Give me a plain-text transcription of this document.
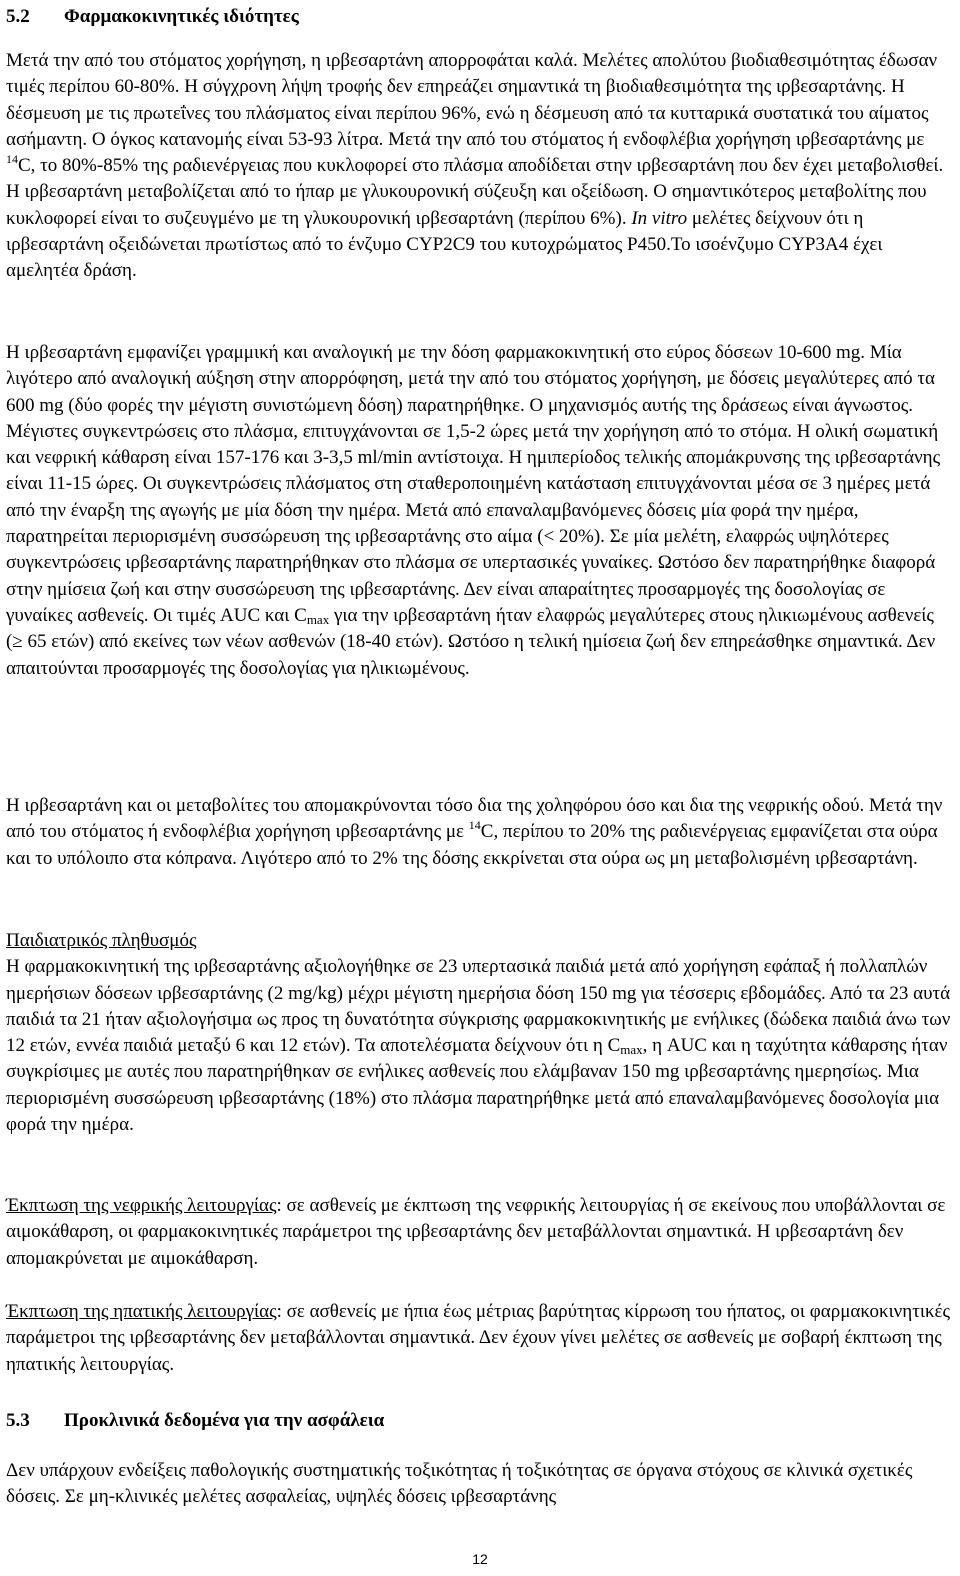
5.2 Φαρμακοκινητικές ιδιότητες

Μετά την από του στόματος χορήγηση, η ιρβεσαρτάνη απορροφάται καλά. Μελέτες απολύτου βιοδιαθεσιμότητας έδωσαν τιμές περίπου 60-80%. Η σύγχρονη λήψη τροφής δεν επηρεάζει σημαντικά τη βιοδιαθεσιμότητα της ιρβεσαρτάνης. Η δέσμευση με τις πρωτεΐνες του πλάσματος είναι περίπου 96%, ενώ η δέσμευση από τα κυτταρικά συστατικά του αίματος ασήμαντη. Ο όγκος κατανομής είναι 53-93 λίτρα. Μετά την από του στόματος ή ενδοφλέβια χορήγηση ιρβεσαρτάνης με $^{14}$C, το 80%-85% της ραδιενέργειας που κυκλοφορεί στο πλάσμα αποδίδεται στην ιρβεσαρτάνη που δεν έχει μεταβολισθεί. Η ιρβεσαρτάνη μεταβολίζεται από το ήπαρ με γλυκουρονική σύζευξη και οξείδωση. Ο σημαντικότερος μεταβολίτης που κυκλοφορεί είναι το συζευγμένο με τη γλυκουρονική ιρβεσαρτάνη (περίπου 6%). In vitro μελέτες δείχνουν ότι η ιρβεσαρτάνη οξειδώνεται πρωτίστως από το ένζυμο CYP2C9 του κυτοχρώματος P450.Το ισοένζυμο CYP3A4 έχει αμελητέα δράση.

Η ιρβεσαρτάνη εμφανίζει γραμμική και αναλογική με την δόση φαρμακοκινητική στο εύρος δόσεων 10-600 mg. Μία λιγότερο από αναλογική αύξηση στην απορρόφηση, μετά την από του στόματος χορήγηση, με δόσεις μεγαλύτερες από τα 600 mg (δύο φορές την μέγιστη συνιστώμενη δόση) παρατηρήθηκε. Ο μηχανισμός αυτής της δράσεως είναι άγνωστος. Μέγιστες συγκεντρώσεις στο πλάσμα, επιτυγχάνονται σε 1,5-2 ώρες μετά την χορήγηση από το στόμα. Η ολική σωματική και νεφρική κάθαρση είναι 157-176 και 3-3,5 ml/min αντίστοιχα. Η ημιπερίοδος τελικής απομάκρυνσης της ιρβεσαρτάνης είναι 11-15 ώρες. Οι συγκεντρώσεις πλάσματος στη σταθεροποιημένη κατάσταση επιτυγχάνονται μέσα σε 3 ημέρες μετά από την έναρξη της αγωγής με μία δόση την ημέρα. Μετά από επαναλαμβανόμενες δόσεις μία φορά την ημέρα, παρατηρείται περιορισμένη συσσώρευση της ιρβεσαρτάνης στο αίμα (< 20%). Σε μία μελέτη, ελαφρώς υψηλότερες συγκεντρώσεις ιρβεσαρτάνης παρατηρήθηκαν στο πλάσμα σε υπερτασικές γυναίκες. Ωστόσο δεν παρατηρήθηκε διαφορά στην ημίσεια ζωή και στην συσσώρευση της ιρβεσαρτάνης. Δεν είναι απαραίτητες προσαρμογές της δοσολογίας σε γυναίκες ασθενείς. Οι τιμές AUC και $C_{max}$ για την ιρβεσαρτάνη ήταν ελαφρώς μεγαλύτερες στους ηλικιωμένους ασθενείς (≥ 65 ετών) από εκείνες των νέων ασθενών (18-40 ετών). Ωστόσο η τελική ημίσεια ζωή δεν επηρεάσθηκε σημαντικά. Δεν απαιτούνται προσαρμογές της δοσολογίας για ηλικιωμένους.

Η ιρβεσαρτάνη και οι μεταβολίτες του απομακρύνονται τόσο δια της χοληφόρου όσο και δια της νεφρικής οδού. Μετά την από του στόματος ή ενδοφλέβια χορήγηση ιρβεσαρτάνης με $^{14}$C, περίπου το 20% της ραδιενέργειας εμφανίζεται στα ούρα και το υπόλοιπο στα κόπρανα. Λιγότερο από το 2% της δόσης εκκρίνεται στα ούρα ως μη μεταβολισμένη ιρβεσαρτάνη.

Παιδιατρικός πληθυσμός
Η φαρμακοκινητική της ιρβεσαρτάνης αξιολογήθηκε σε 23 υπερτασικά παιδιά μετά από χορήγηση εφάπαξ ή πολλαπλών ημερήσιων δόσεων ιρβεσαρτάνης (2 mg/kg) μέχρι μέγιστη ημερήσια δόση 150 mg για τέσσερις εβδομάδες. Από τα 23 αυτά παιδιά τα 21 ήταν αξιολογήσιμα ως προς τη δυνατότητα σύγκρισης φαρμακοκινητικής με ενήλικες (δώδεκα παιδιά άνω των 12 ετών, εννέα παιδιά μεταξύ 6 και 12 ετών). Τα αποτελέσματα δείχνουν ότι η $C_{max}$, η AUC και η ταχύτητα κάθαρσης ήταν συγκρίσιμες με αυτές που παρατηρήθηκαν σε ενήλικες ασθενείς που ελάμβαναν 150 mg ιρβεσαρτάνης ημερησίως. Μια περιορισμένη συσσώρευση ιρβεσαρτάνης (18%) στο πλάσμα παρατηρήθηκε μετά από επαναλαμβανόμενες δοσολογία μια φορά την ημέρα.

Έκπτωση της νεφρικής λειτουργίας: σε ασθενείς με έκπτωση της νεφρικής λειτουργίας ή σε εκείνους που υποβάλλονται σε αιμοκάθαρση, οι φαρμακοκινητικές παράμετροι της ιρβεσαρτάνης δεν μεταβάλλονται σημαντικά. Η ιρβεσαρτάνη δεν απομακρύνεται με αιμοκάθαρση.

Έκπτωση της ηπατικής λειτουργίας: σε ασθενείς με ήπια έως μέτριας βαρύτητας κίρρωση του ήπατος, οι φαρμακοκινητικές παράμετροι της ιρβεσαρτάνης δεν μεταβάλλονται σημαντικά. Δεν έχουν γίνει μελέτες σε ασθενείς με σοβαρή έκπτωση της ηπατικής λειτουργίας.

5.3 Προκλινικά δεδομένα για την ασφάλεια

Δεν υπάρχουν ενδείξεις παθολογικής συστηματικής τοξικότητας ή τοξικότητας σε όργανα στόχους σε κλινικά σχετικές δόσεις. Σε μη-κλινικές μελέτες ασφαλείας, υψηλές δόσεις ιρβεσαρτάνης

12
